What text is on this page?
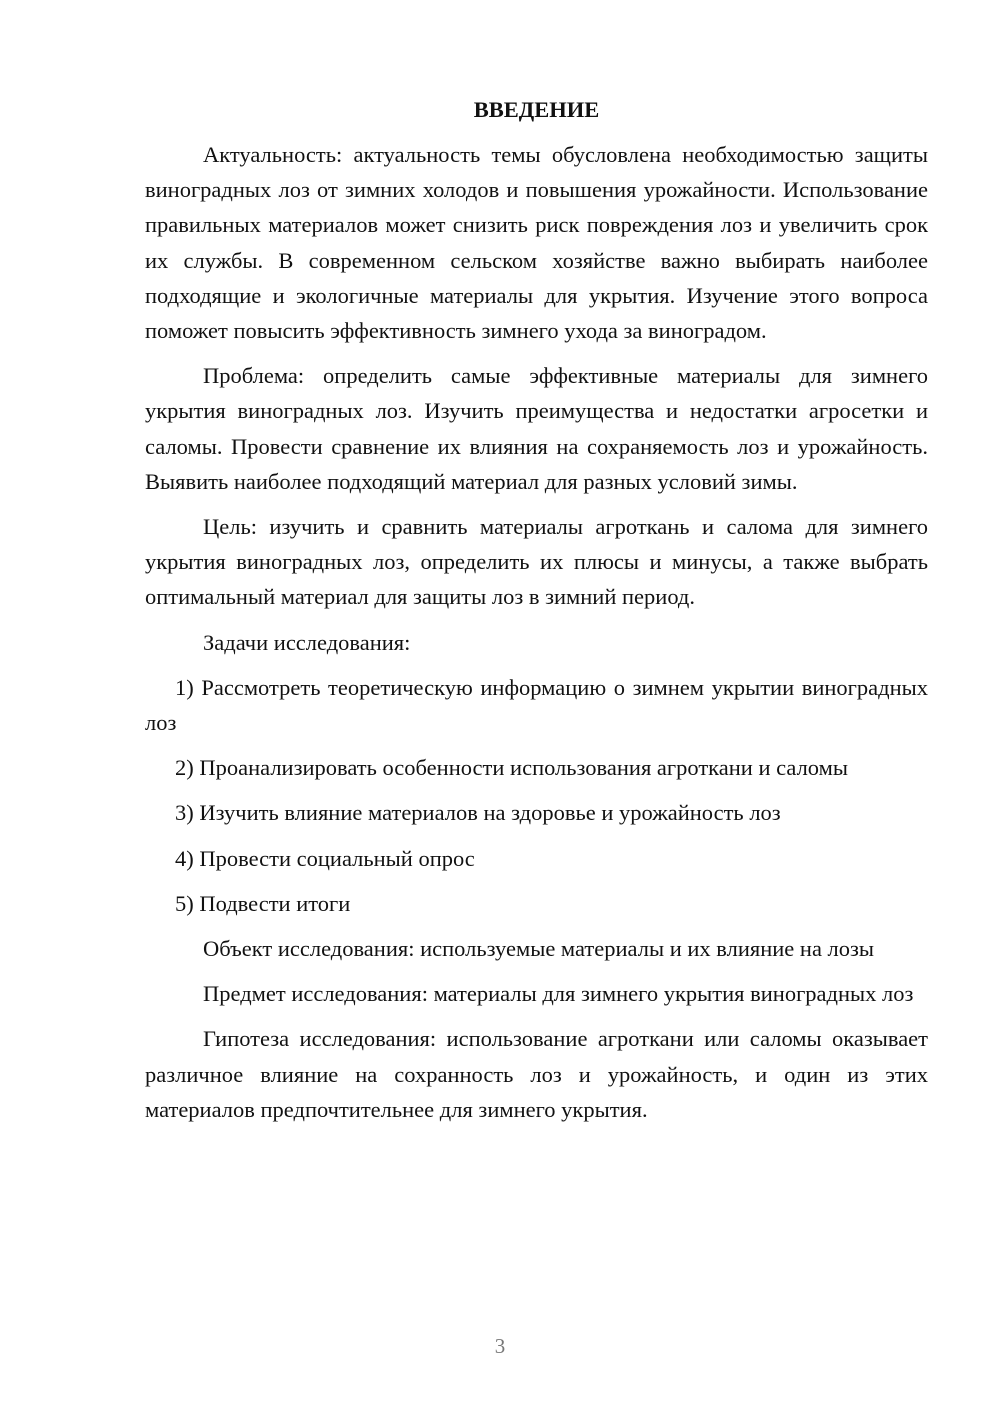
ВВЕДЕНИЕ

Актуальность: актуальность темы обусловлена необходимостью защиты виноградных лоз от зимних холодов и повышения урожайности. Использование правильных материалов может снизить риск повреждения лоз и увеличить срок их службы. В современном сельском хозяйстве важно выбирать наиболее подходящие и экологичные материалы для укрытия. Изучение этого вопроса поможет повысить эффективность зимнего ухода за виноградом.

Проблема: определить самые эффективные материалы для зимнего укрытия виноградных лоз. Изучить преимущества и недостатки агросетки и саломы. Провести сравнение их влияния на сохраняемость лоз и урожайность. Выявить наиболее подходящий материал для разных условий зимы.

Цель: изучить и сравнить материалы агроткань и салома для зимнего укрытия виноградных лоз, определить их плюсы и минусы, а также выбрать оптимальный материал для защиты лоз в зимний период.

Задачи исследования:

1) Рассмотреть теоретическую информацию о зимнем укрытии виноградных лоз

2) Проанализировать особенности использования агроткани и саломы

3) Изучить влияние материалов на здоровье и урожайность лоз

4) Провести социальный опрос

5) Подвести итоги

Объект исследования: используемые материалы и их влияние на лозы

Предмет исследования: материалы для зимнего укрытия виноградных лоз

Гипотеза исследования: использование агроткани или саломы оказывает различное влияние на сохранность лоз и урожайность, и один из этих материалов предпочтительнее для зимнего укрытия.

3
